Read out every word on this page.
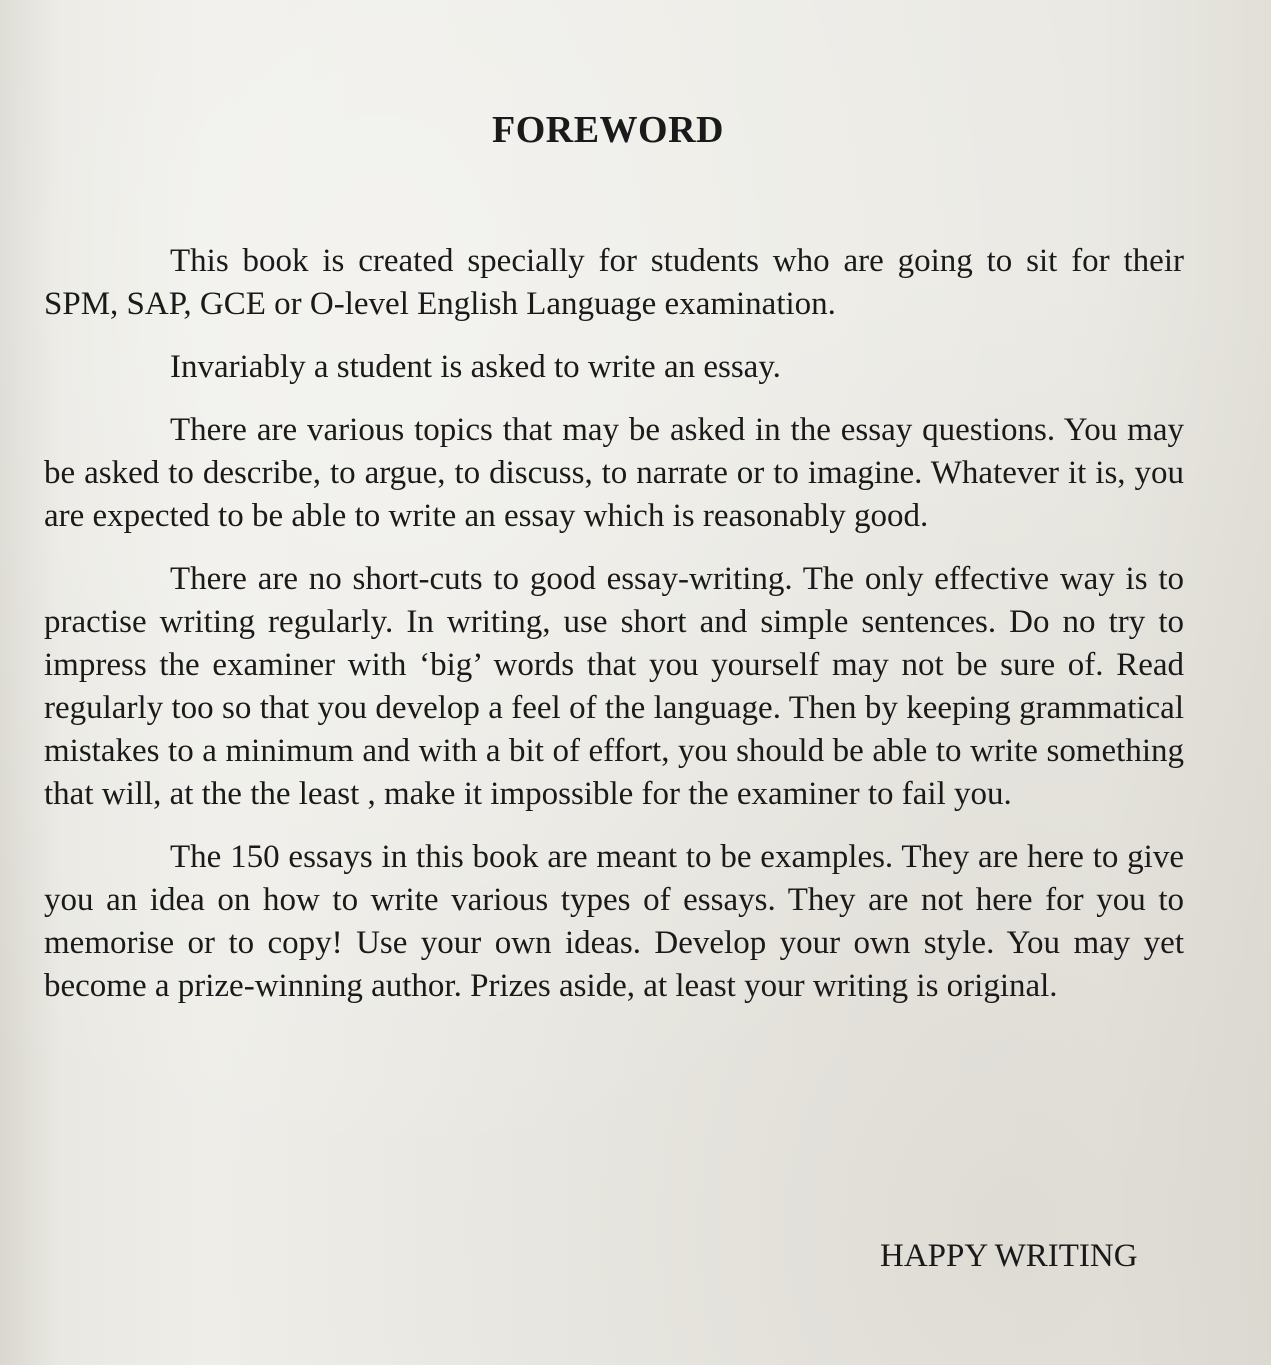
FOREWORD

This book is created specially for students who are going to sit for their SPM, SAP, GCE or O-level English Language examination.

Invariably a student is asked to write an essay.

There are various topics that may be asked in the essay questions. You may be asked to describe, to argue, to discuss, to narrate or to imagine. Whatever it is, you are expected to be able to write an essay which is reasonably good.

There are no short-cuts to good essay-writing. The only effective way is to practise writing regularly. In writing, use short and simple sentences. Do no try to impress the examiner with ‘big’ words that you yourself may not be sure of. Read regularly too so that you develop a feel of the language. Then by keeping grammatical mistakes to a minimum and with a bit of effort, you should be able to write something that will, at the the least , make it impossible for the examiner to fail you.

The 150 essays in this book are meant to be examples. They are here to give you an idea on how to write various types of essays. They are not here for you to memorise or to copy! Use your own ideas. Develop your own style. You may yet become a prize-winning author. Prizes aside, at least your writing is original.

HAPPY WRITING
